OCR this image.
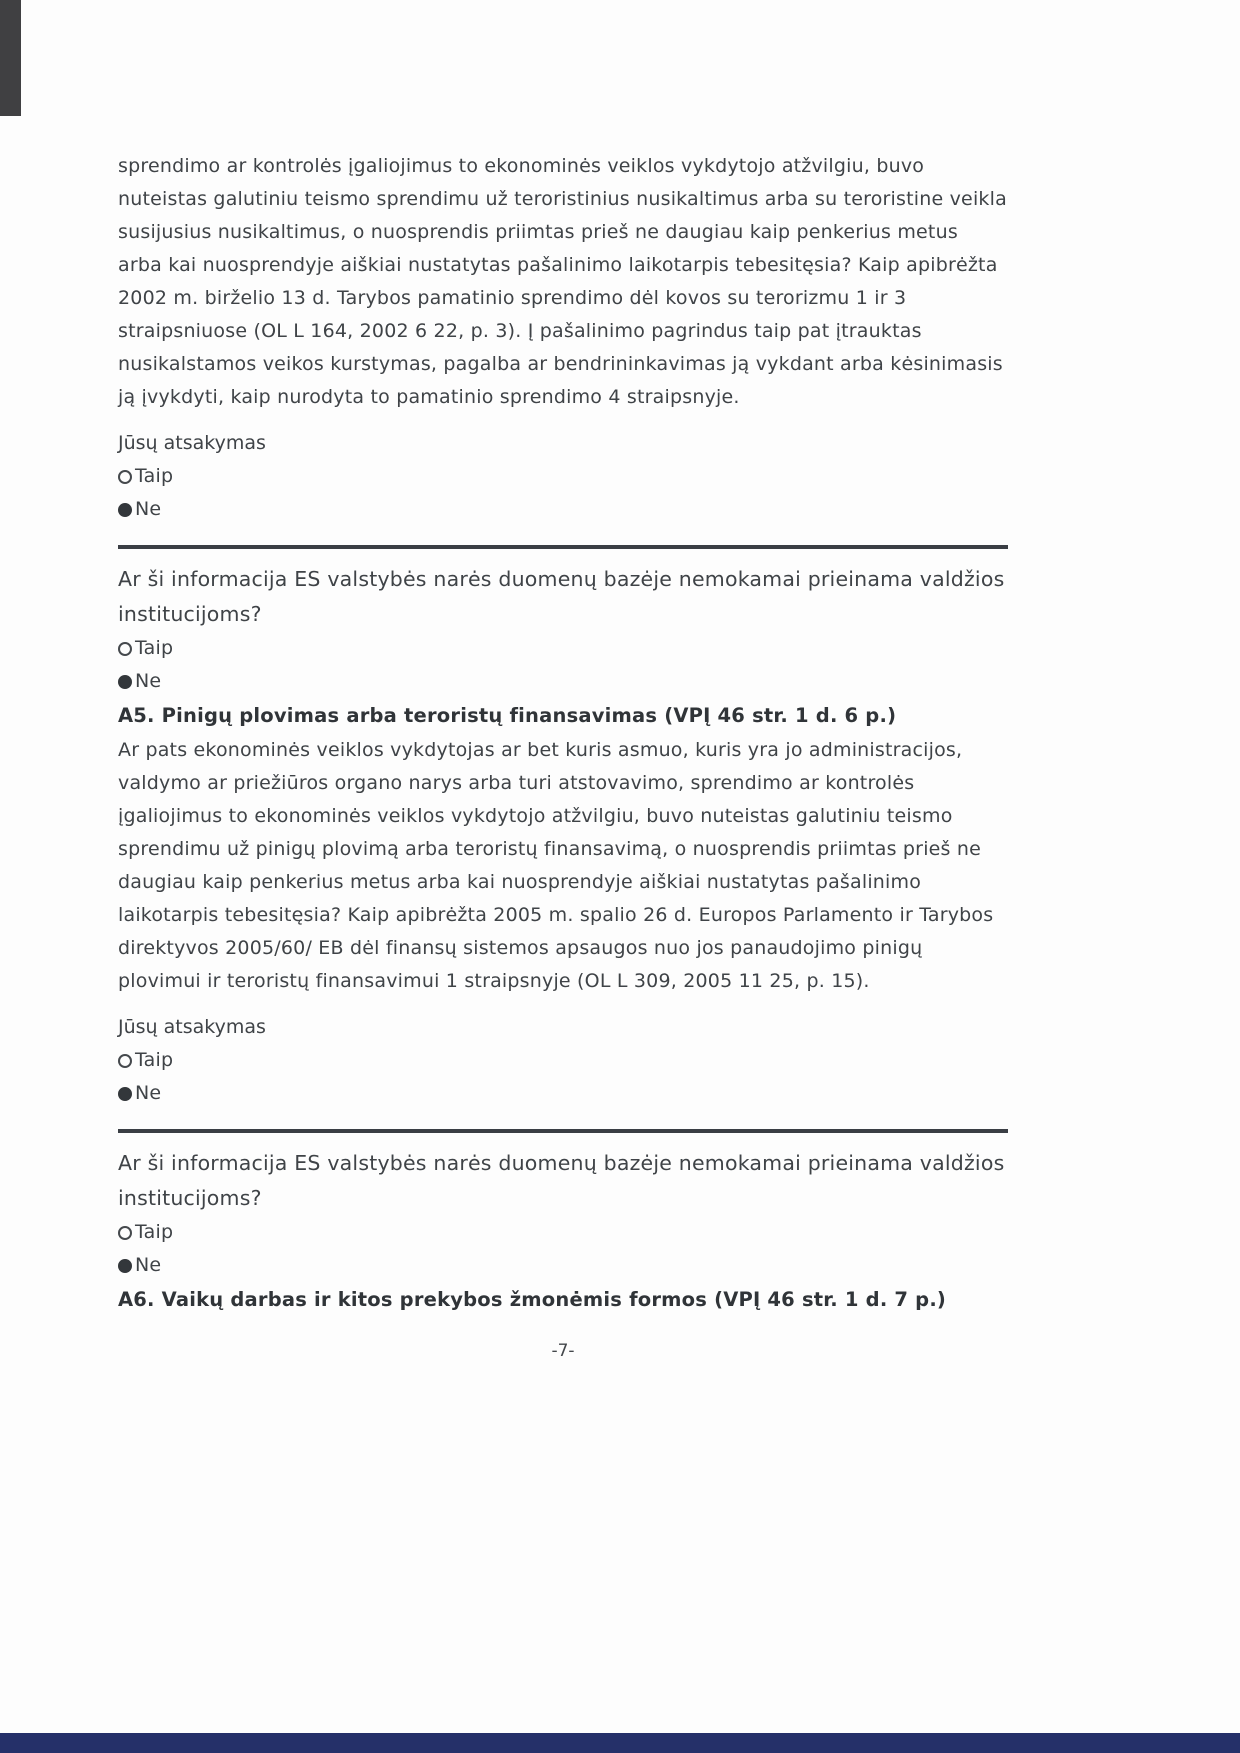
sprendimo ar kontrolės įgaliojimus to ekonominės veiklos vykdytojo atžvilgiu, buvo nuteistas galutiniu teismo sprendimu už teroristinius nusikaltimus arba su teroristine veikla susijusius nusikaltimus, o nuosprendis priimtas prieš ne daugiau kaip penkerius metus arba kai nuosprendyje aiškiai nustatytas pašalinimo laikotarpis tebesitęsia? Kaip apibrėžta 2002 m. birželio 13 d. Tarybos pamatinio sprendimo dėl kovos su terorizmu 1 ir 3 straipsniuose (OL L 164, 2002 6 22, p. 3). Į pašalinimo pagrindus taip pat įtrauktas nusikalstamos veikos kurstymas, pagalba ar bendrininkavimas ją vykdant arba kėsinimasis ją įvykdyti, kaip nurodyta to pamatinio sprendimo 4 straipsnyje.

Jūsų atsakymas
Taip
Ne

Ar ši informacija ES valstybės narės duomenų bazėje nemokamai prieinama valdžios institucijoms?

Taip
Ne
A5. Pinigų plovimas arba teroristų finansavimas (VPĮ 46 str. 1 d. 6 p.)

Ar pats ekonominės veiklos vykdytojas ar bet kuris asmuo, kuris yra jo administracijos, valdymo ar priežiūros organo narys arba turi atstovavimo, sprendimo ar kontrolės įgaliojimus to ekonominės veiklos vykdytojo atžvilgiu, buvo nuteistas galutiniu teismo sprendimu už pinigų plovimą arba teroristų finansavimą, o nuosprendis priimtas prieš ne daugiau kaip penkerius metus arba kai nuosprendyje aiškiai nustatytas pašalinimo laikotarpis tebesitęsia? Kaip apibrėžta 2005 m. spalio 26 d. Europos Parlamento ir Tarybos direktyvos 2005/60/ EB dėl finansų sistemos apsaugos nuo jos panaudojimo pinigų plovimui ir teroristų finansavimui 1 straipsnyje (OL L 309, 2005 11 25, p. 15).

Jūsų atsakymas
Taip
Ne

Ar ši informacija ES valstybės narės duomenų bazėje nemokamai prieinama valdžios institucijoms?

Taip
Ne
A6. Vaikų darbas ir kitos prekybos žmonėmis formos (VPĮ 46 str. 1 d. 7 p.)
-7-
